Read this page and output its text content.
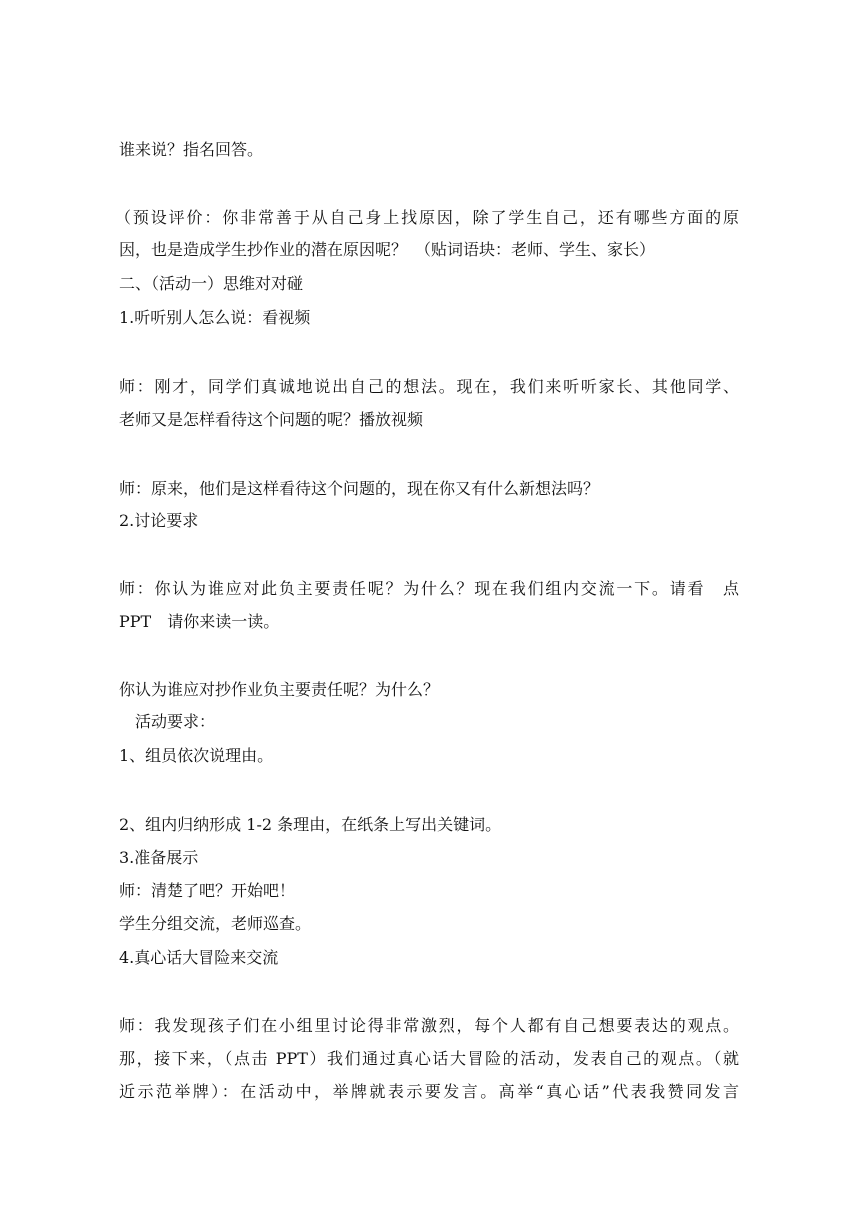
谁来说？指名回答。
（预设评价：你非常善于从自己身上找原因，除了学生自己，还有哪些方面的原
因，也是造成学生抄作业的潜在原因呢？　（贴词语块：老师、学生、家长）
二、（活动一）思维对对碰
1.听听别人怎么说：看视频
师：刚才，同学们真诚地说出自己的想法。现在，我们来听听家长、其他同学、
老师又是怎样看待这个问题的呢？播放视频
师：原来，他们是这样看待这个问题的，现在你又有什么新想法吗？
2.讨论要求
师：你认为谁应对此负主要责任呢？为什么？现在我们组内交流一下。请看　点
PPT　请你来读一读。
你认为谁应对抄作业负主要责任呢？为什么？
　活动要求：
1、组员依次说理由。
2、组内归纳形成 1-2 条理由，在纸条上写出关键词。
3.准备展示
师：清楚了吧？开始吧！
学生分组交流，老师巡查。
4.真心话大冒险来交流
师：我发现孩子们在小组里讨论得非常激烈，每个人都有自己想要表达的观点。
那，接下来，（点击 PPT）我们通过真心话大冒险的活动，发表自己的观点。（就
近示范举牌）：在活动中，举牌就表示要发言。高举“真心话”代表我赞同发言
